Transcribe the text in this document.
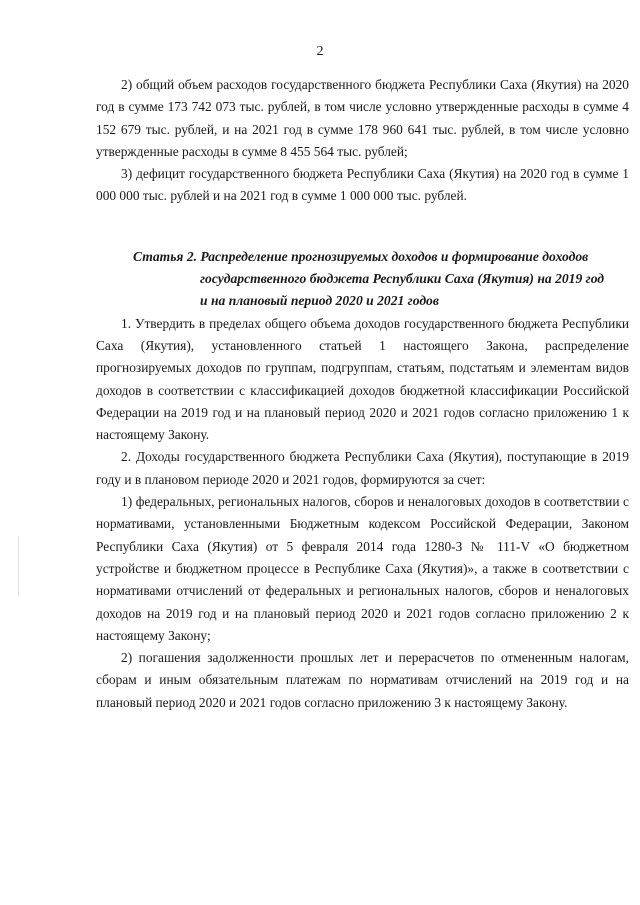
2

2) общий объем расходов государственного бюджета Республики Саха (Якутия) на 2020 год в сумме 173 742 073 тыс. рублей, в том числе условно утвержденные расходы в сумме 4 152 679 тыс. рублей, и на 2021 год в сумме 178 960 641 тыс. рублей, в том числе условно утвержденные расходы в сумме 8 455 564 тыс. рублей;

3) дефицит государственного бюджета Республики Саха (Якутия) на 2020 год в сумме 1 000 000 тыс. рублей и на 2021 год в сумме 1 000 000 тыс. рублей.

Статья 2. Распределение прогнозируемых доходов и формирование доходов
государственного бюджета Республики Саха (Якутия) на 2019 год
и на плановый период 2020 и 2021 годов

1. Утвердить в пределах общего объема доходов государственного бюджета Республики Саха (Якутия), установленного статьей 1 настоящего Закона, распределение прогнозируемых доходов по группам, подгруппам, статьям, подстатьям и элементам видов доходов в соответствии с классификацией доходов бюджетной классификации Российской Федерации на 2019 год и на плановый период 2020 и 2021 годов согласно приложению 1 к настоящему Закону.

2. Доходы государственного бюджета Республики Саха (Якутия), поступающие в 2019 году и в плановом периоде 2020 и 2021 годов, формируются за счет:

1) федеральных, региональных налогов, сборов и неналоговых доходов в соответствии с нормативами, установленными Бюджетным кодексом Российской Федерации, Законом Республики Саха (Якутия) от 5 февраля 2014 года 1280-З № 111-V «О бюджетном устройстве и бюджетном процессе в Республике Саха (Якутия)», а также в соответствии с нормативами отчислений от федеральных и региональных налогов, сборов и неналоговых доходов на 2019 год и на плановый период 2020 и 2021 годов согласно приложению 2 к настоящему Закону;

2) погашения задолженности прошлых лет и перерасчетов по отмененным налогам, сборам и иным обязательным платежам по нормативам отчислений на 2019 год и на плановый период 2020 и 2021 годов согласно приложению 3 к настоящему Закону.
